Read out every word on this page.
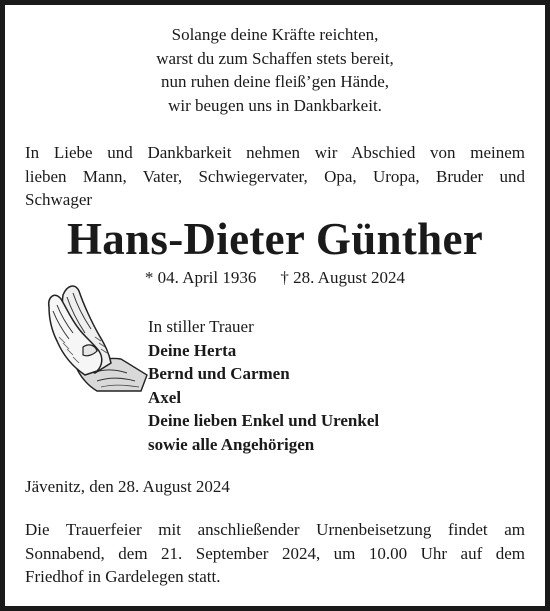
Solange deine Kräfte reichten,
warst du zum Schaffen stets bereit,
nun ruhen deine fleiß’gen Hände,
wir beugen uns in Dankbarkeit.
In Liebe und Dankbarkeit nehmen wir Abschied von meinem
lieben Mann, Vater, Schwiegervater, Opa, Uropa, Bruder und
Schwager
Hans-Dieter Günther
* 04. April 1936 † 28. August 2024
In stiller Trauer
Deine Herta
Bernd und Carmen
Axel
Deine lieben Enkel und Urenkel
sowie alle Angehörigen
Jävenitz, den 28. August 2024
Die Trauerfeier mit anschließender Urnenbeisetzung findet am
Sonnabend, dem 21. September 2024, um 10.00 Uhr auf dem
Friedhof in Gardelegen statt.
